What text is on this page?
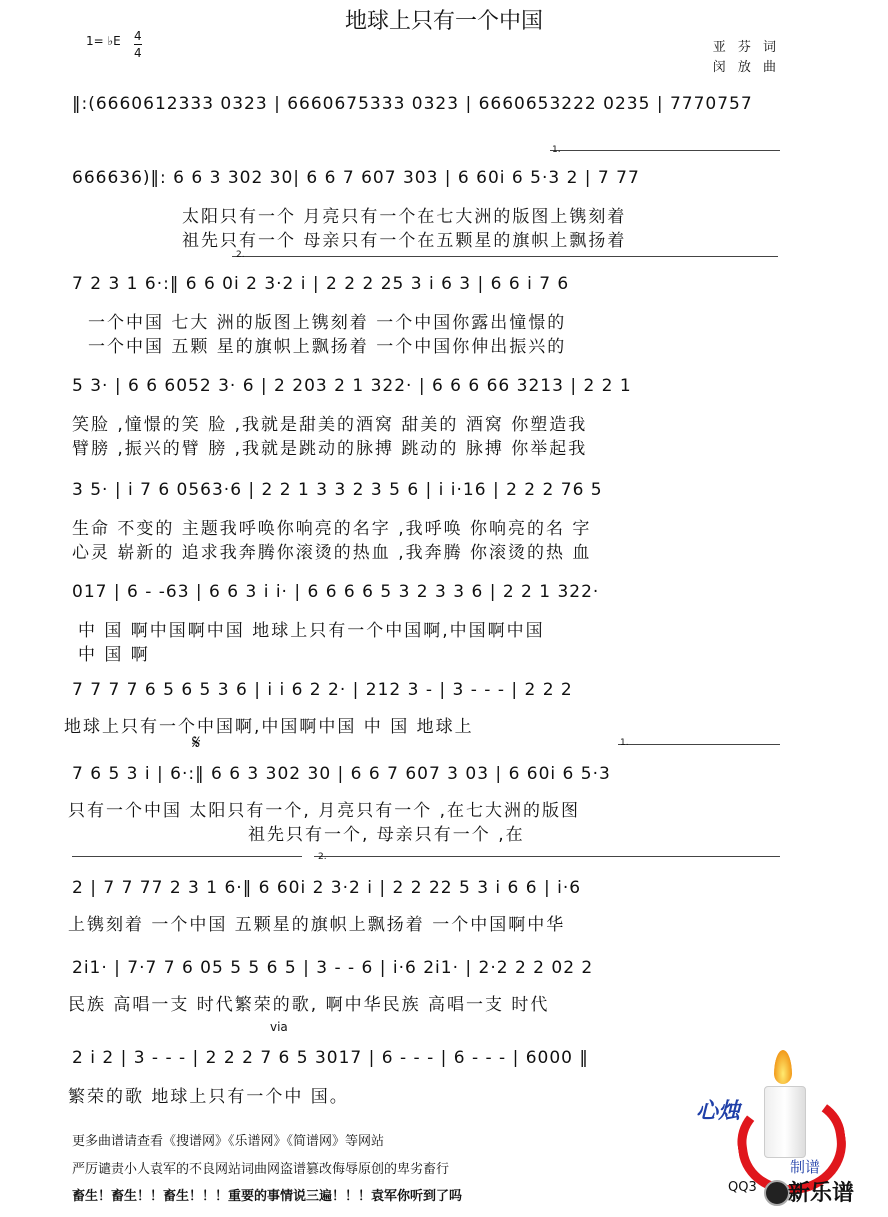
地球上只有一个中国
1= ♭E 4
4	亚 芬 词
闵 放 曲
‖:(6660612333 0323 | 6660675333 0323 | 6660653222 0235 | 7770757
666636)‖: 6 6 3 302 30| 6 6 7 607 303 | 6 60i 6 5·3 2 | 7 77
太阳只有一个 月亮只有一个在七大洲的版图上镌刻着
祖先只有一个 母亲只有一个在五颗星的旗帜上飘扬着
1.
7 2 3 1 6·:‖ 6 6 0i 2 3·2 i | 2 2 2 25 3 i 6 3 | 6 6 i 7 6
一个中国 七大 洲的版图上镌刻着 一个中国你露出憧憬的
一个中国 五颗 星的旗帜上飘扬着 一个中国你伸出振兴的
2.
5 3· | 6 6 6052 3· 6 | 2 203 2 1 322· | 6 6 6 66 3213 | 2 2 1
笑脸 ,憧憬的笑 脸 ,我就是甜美的酒窝 甜美的 酒窝 你塑造我
臂膀 ,振兴的臂 膀 ,我就是跳动的脉搏 跳动的 脉搏 你举起我
3 5· | i 7 6 0563·6 | 2 2 1 3 3 2 3 5 6 | i i·16 | 2 2 2 76 5
生命 不变的 主题我呼唤你响亮的名字 ,我呼唤 你响亮的名 字
心灵 崭新的 追求我奔腾你滚烫的热血 ,我奔腾 你滚烫的热 血
017 | 6 - -63 | 6 6 3 i i· | 6 6 6 6 5 3 2 3 3 6 | 2 2 1 322·
中 国 啊中国啊中国 地球上只有一个中国啊,中国啊中国
中 国 啊
7 7 7 7 6 5 6 5 3 6 | i i 6 2 2· | 212 3 - | 3 - - - | 2 2 2
地球上只有一个中国啊,中国啊中国 中 国 地球上
𝄋
7 6 5 3 i | 6·:‖ 6 6 3 302 30 | 6 6 7 607 3 03 | 6 60i 6 5·3
只有一个中国 太阳只有一个, 月亮只有一个 ,在七大洲的版图
祖先只有一个, 母亲只有一个 ,在
1.
2 | 7 7 77 2 3 1 6·‖ 6 60i 2 3·2 i | 2 2 22 5 3 i 6 6 | i·6
上镌刻着 一个中国 五颗星的旗帜上飘扬着 一个中国啊中华
2.
2i1· | 7·7 7 6 05 5 5 6 5 | 3 - - 6 | i·6 2i1· | 2·2 2 2 02 2
民族 高唱一支 时代繁荣的歌, 啊中华民族 高唱一支 时代
via
2 i 2 | 3 - - - | 2 2 2 7 6 5 3017 | 6 - - - | 6 - - - | 6000 ‖
繁荣的歌 地球上只有一个中 国。
更多曲谱请查看《搜谱网》《乐谱网》《简谱网》等网站
严厉谴责小人袁军的不良网站词曲网盗谱篡改侮辱原创的卑劣畜行
畜生！畜生！！畜生！！！重要的事情说三遍！！！袁军你听到了吗
心烛
制谱
QQ3 新乐谱
